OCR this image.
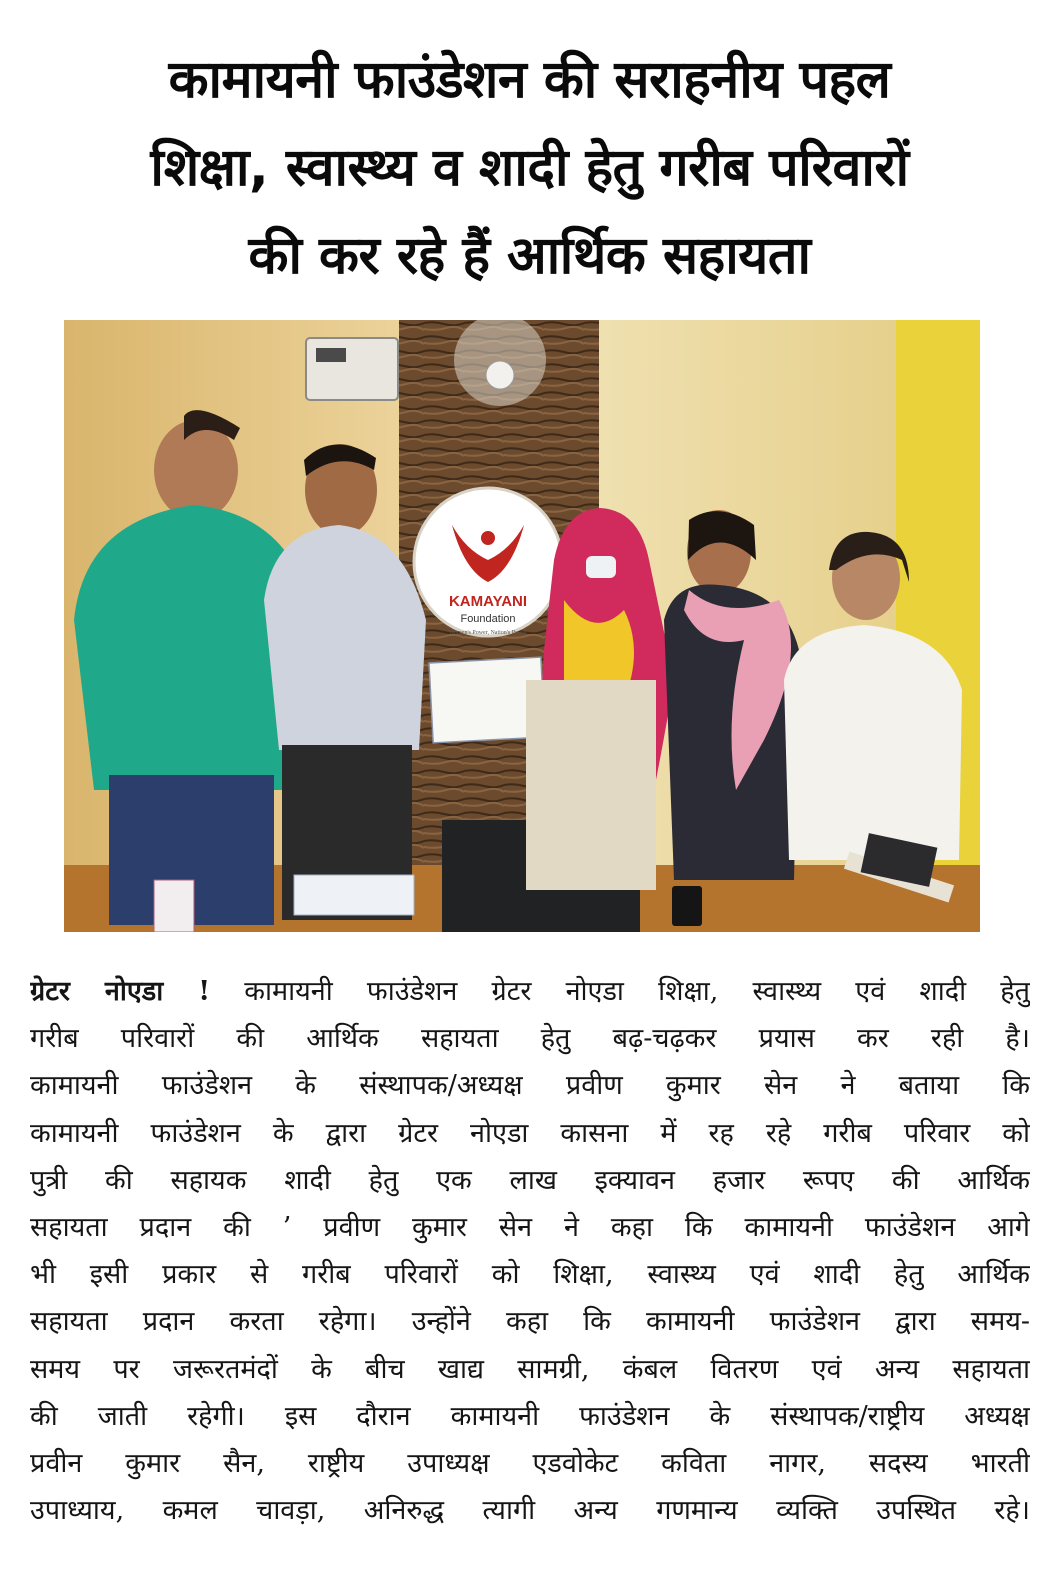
कामायनी फाउंडेशन की सराहनीय पहल
शिक्षा, स्वास्थ्य व शादी हेतु गरीब परिवारों
की कर रहे हैं आर्थिक सहायता
KAMAYANI
Foundation
Women's Power, Nation's Power
ग्रेटर नोएडा ! कामायनी फाउंडेशन ग्रेटर नोएडा शिक्षा, स्वास्थ्य एवं शादी हेतु
गरीब परिवारों की आर्थिक सहायता हेतु बढ़-चढ़कर प्रयास कर रही है।
कामायनी फाउंडेशन के संस्थापक/अध्यक्ष प्रवीण कुमार सेन ने बताया कि
कामायनी फाउंडेशन के द्वारा ग्रेटर नोएडा कासना में रह रहे गरीब परिवार को
पुत्री की सहायक शादी हेतु एक लाख इक्यावन हजार रूपए की आर्थिक
सहायता प्रदान की ’ प्रवीण कुमार सेन ने कहा कि कामायनी फाउंडेशन आगे
भी इसी प्रकार से गरीब परिवारों को शिक्षा, स्वास्थ्य एवं शादी हेतु आर्थिक
सहायता प्रदान करता रहेगा। उन्होंने कहा कि कामायनी फाउंडेशन द्वारा समय-
समय पर जरूरतमंदों के बीच खाद्य सामग्री, कंबल वितरण एवं अन्य सहायता
की जाती रहेगी। इस दौरान कामायनी फाउंडेशन के संस्थापक/राष्ट्रीय अध्यक्ष
प्रवीन कुमार सैन, राष्ट्रीय उपाध्यक्ष एडवोकेट कविता नागर, सदस्य भारती
उपाध्याय, कमल चावड़ा, अनिरुद्ध त्यागी अन्य गणमान्य व्यक्ति उपस्थित रहे।
